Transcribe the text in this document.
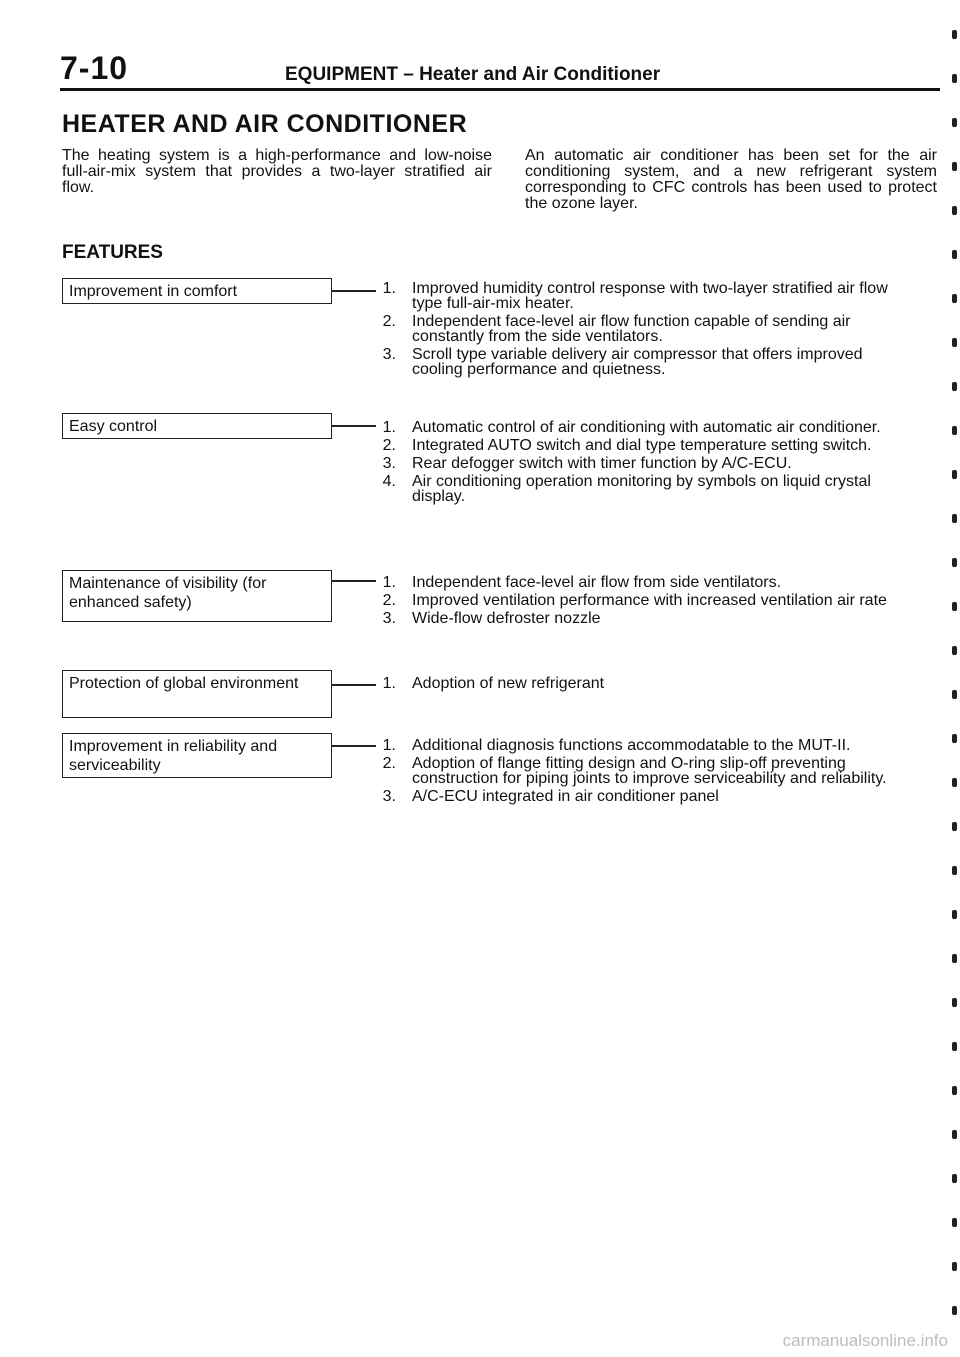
7-10	EQUIPMENT – Heater and Air Conditioner
HEATER AND AIR CONDITIONER
The heating system is a high-performance and low-noise full-air-mix system that provides a two-layer stratified air flow.
An automatic air conditioner has been set for the air conditioning system, and a new refrigerant system corresponding to CFC controls has been used to protect the ozone layer.
FEATURES
Improvement in comfort	1. Improved humidity control response with two-layer stratified air flow type full-air-mix heater.
2. Independent face-level air flow function capable of sending air constantly from the side ventilators.
3. Scroll type variable delivery air compressor that offers improved cooling performance and quietness.
Easy control	1. Automatic control of air conditioning with automatic air conditioner.
2. Integrated AUTO switch and dial type temperature setting switch.
3. Rear defogger switch with timer function by A/C-ECU.
4. Air conditioning operation monitoring by symbols on liquid crystal display.
Maintenance of visibility (for enhanced safety)
1. Independent face-level air flow from side ventilators.
2. Improved ventilation performance with increased ventilation air rate
3. Wide-flow defroster nozzle
Protection of global environment	1. Adoption of new refrigerant
Improvement in reliability and serviceability
1. Additional diagnosis functions accommodatable to the MUT-II.
2. Adoption of flange fitting design and O-ring slip-off preventing construction for piping joints to improve serviceability and reliability.
3. A/C-ECU integrated in air conditioner panel
carmanualsonline.info
